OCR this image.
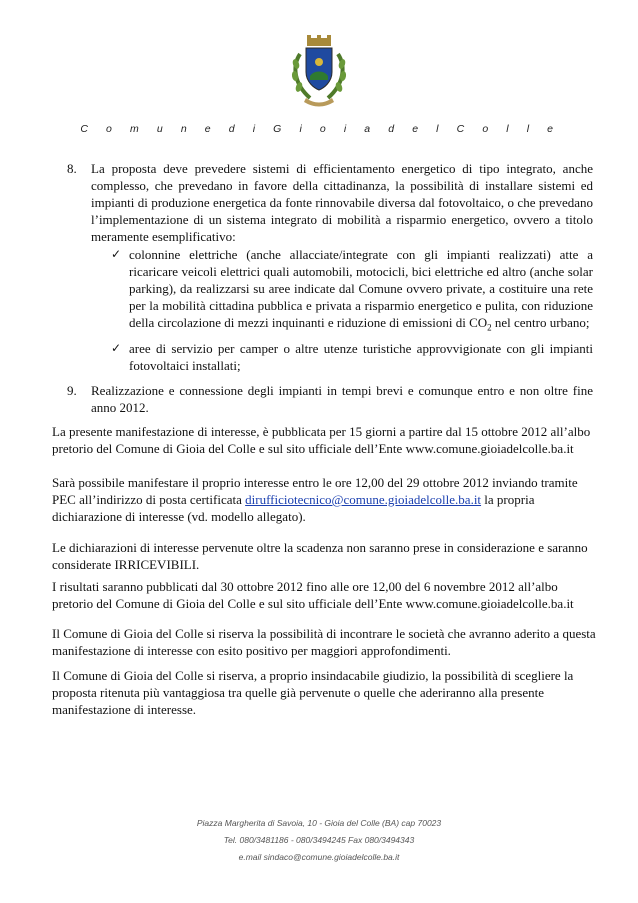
C o m u n e d i G i o i a d e l C o l l e
8. La proposta deve prevedere sistemi di efficientamento energetico di tipo integrato, anche complesso, che prevedano in favore della cittadinanza, la possibilità di installare sistemi ed impianti di produzione energetica da fonte rinnovabile diversa dal fotovoltaico, o che prevedano l’implementazione di un sistema integrato di mobilità a risparmio energetico, ovvero a titolo meramente esemplificativo:
✓ colonnine elettriche (anche allacciate/integrate con gli impianti realizzati) atte a ricaricare veicoli elettrici quali automobili, motocicli, bici elettriche ed altro (anche solar parking), da realizzarsi su aree indicate dal Comune ovvero private, a costituire una rete per la mobilità cittadina pubblica e privata a risparmio energetico e pulita, con riduzione della circolazione di mezzi inquinanti e riduzione di emissioni di $CO_2$ nel centro urbano;
✓ aree di servizio per camper o altre utenze turistiche approvvigionate con gli impianti fotovoltaici installati;
9. Realizzazione e connessione degli impianti in tempi brevi e comunque entro e non oltre fine anno 2012.
La presente manifestazione di interesse, è pubblicata per 15 giorni a partire dal 15 ottobre 2012 all’albo pretorio del Comune di Gioia del Colle e sul sito ufficiale dell’Ente www.comune.gioiadelcolle.ba.it
Sarà possibile manifestare il proprio interesse entro le ore 12,00 del 29 ottobre 2012 inviando tramite PEC all’indirizzo di posta certificata dirufficiotecnico@comune.gioiadelcolle.ba.it la propria dichiarazione di interesse (vd. modello allegato).
Le dichiarazioni di interesse pervenute oltre la scadenza non saranno prese in considerazione e saranno considerate IRRICEVIBILI.
I risultati saranno pubblicati dal 30 ottobre 2012 fino alle ore 12,00 del 6 novembre 2012 all’albo pretorio del Comune di Gioia del Colle e sul sito ufficiale dell’Ente www.comune.gioiadelcolle.ba.it
Il Comune di Gioia del Colle si riserva la possibilità di incontrare le società che avranno aderito a questa manifestazione di interesse con esito positivo per maggiori approfondimenti.
Il Comune di Gioia del Colle si riserva, a proprio insindacabile giudizio, la possibilità di scegliere la proposta ritenuta più vantaggiosa tra quelle già pervenute o quelle che aderiranno alla presente manifestazione di interesse.
Piazza Margherita di Savoia, 10 - Gioia del Colle (BA) cap 70023
Tel. 080/3481186 - 080/3494245 Fax 080/3494343
e.mail sindaco@comune.gioiadelcolle.ba.it
